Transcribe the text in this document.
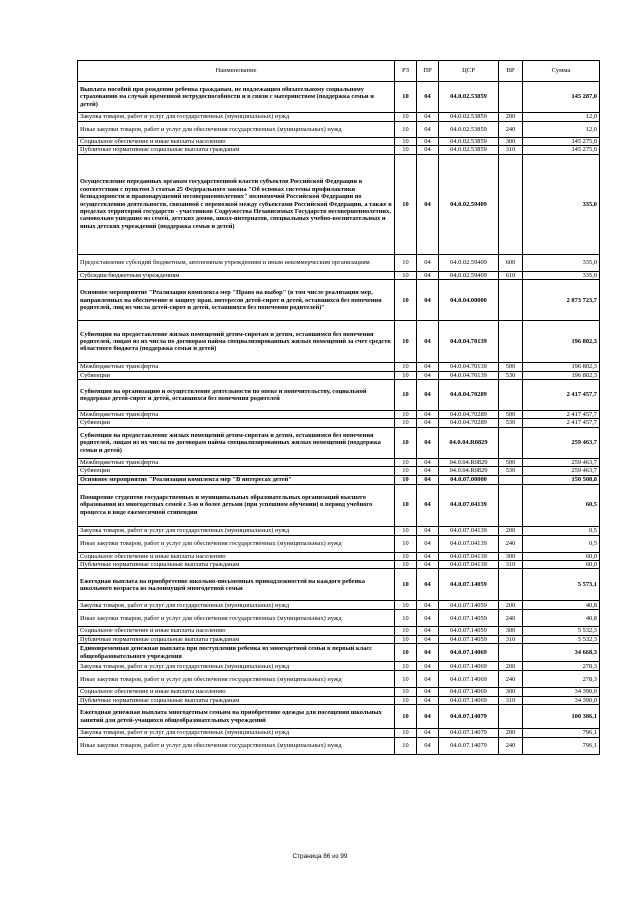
Наименование	РЗ	ПР	ЦСР	ВР	Сумма
Выплата пособий при рождении ребенка гражданам, не подлежащим обязательному социальному страхованию на случай временной нетрудоспособности и в связи с материнством (поддержка семьи и детей)	10	04	04.0.02.53859		145 287,0
Закупка товаров, работ и услуг для государственных (муниципальных) нужд	10	04	04.0.02.53859	200	12,0
Иные закупки товаров, работ и услуг для обеспечения государственных (муниципальных) нужд	10	04	04.0.02.53859	240	12,0
Социальное обеспечение и иные выплаты населению	10	04	04.0.02.53859	300	145 275,0
Публичные нормативные социальные выплаты гражданам	10	04	04.0.02.53859	310	145 275,0
Осуществление переданных органам государственной власти субъектов Российской Федерации в соответствии с пунктом 3 статьи 25 Федерального закона "Об основах системы профилактики безнадзорности и правонарушений несовершеннолетних" полномочий Российской Федерации по осуществлению деятельности, связанной с перевозкой между субъектами Российской Федерации, а также в пределах территорий государств - участников Содружества Независимых Государств несовершеннолетних, самовольно ушедших из семей, детских домов, школ-интернатов, специальных учебно-воспитательных и иных детских учреждений (поддержка семьи и детей)	10	04	04.0.02.59409		335,0
Предоставление субсидий бюджетным, автономным учреждениям и иным некоммерческим организациям	10	04	04.0.02.59409	600	335,0
Субсидии бюджетным учреждениям	10	04	04.0.02.59409	610	335,0
Основное мероприятие "Реализация комплекса мер "Право на выбор" (в том числе реализация мер, направленных на обеспечение и защиту прав, интересов детей-сирот и детей, оставшихся без попечения родителей, лиц из числа детей-сирот и детей, оставшихся без попечения родителей)"	10	04	04.0.04.00000		2 873 723,7
Субвенции на предоставление жилых помещений детям-сиротам и детям, оставшимся без попечения родителей, лицам из их числа по договорам найма специализированных жилых помещений за счет средств областного бюджета (поддержка семьи и детей)	10	04	04.0.04.70139		196 802,3
Межбюджетные трансферты	10	04	04.0.04.70139	500	196 802,3
Субвенции	10	04	04.0.04.70139	530	196 802,3
Субвенции на организацию и осуществление деятельности по опеке и попечительству, социальной поддержке детей-сирот и детей, оставшихся без попечения родителей	10	04	04.0.04.70289		2 417 457,7
Межбюджетные трансферты	10	04	04.0.04.70289	500	2 417 457,7
Субвенции	10	04	04.0.04.70289	530	2 417 457,7
Субвенции на предоставление жилых помещений детям-сиротам и детям, оставшимся без попечения родителей, лицам из их числа по договорам найма специализированных жилых помещений (поддержка семьи и детей)	10	04	04.0.04.R0829		259 463,7
Межбюджетные трансферты	10	04	04.0.04.R0829	500	259 463,7
Субвенции	10	04	04.0.04.R0829	530	259 463,7
Основное мероприятие "Реализация комплекса мер "В интересах детей"	10	04	04.0.07.00000		150 508,8
Поощрение студентов государственных и муниципальных образовательных организаций высшего образования из многодетных семей с 3-ю и более детьми (при успешном обучении) в период учебного процесса в виде ежемесячной стипендии	10	04	04.0.07.04139		60,5
Закупка товаров, работ и услуг для государственных (муниципальных) нужд	10	04	04.0.07.04139	200	0,5
Иные закупки товаров, работ и услуг для обеспечения государственных (муниципальных) нужд	10	04	04.0.07.04139	240	0,5
Социальное обеспечение и иные выплаты населению	10	04	04.0.07.04139	300	60,0
Публичные нормативные социальные выплаты гражданам	10	04	04.0.07.04139	310	60,0
Ежегодная выплата на приобретение школьно-письменных принадлежностей на каждого ребенка школьного возраста из малоимущей многодетной семьи	10	04	04.0.07.14059		5 573,1
Закупка товаров, работ и услуг для государственных (муниципальных) нужд	10	04	04.0.07.14059	200	40,8
Иные закупки товаров, работ и услуг для обеспечения государственных (муниципальных) нужд	10	04	04.0.07.14059	240	40,8
Социальное обеспечение и иные выплаты населению	10	04	04.0.07.14059	300	5 532,3
Публичные нормативные социальные выплаты гражданам	10	04	04.0.07.14059	310	5 532,3
Единовременная денежная выплата при поступлении ребенка из многодетной семьи в первый класс общеобразовательного учреждения	10	04	04.0.07.14069		34 668,3
Закупка товаров, работ и услуг для государственных (муниципальных) нужд	10	04	04.0.07.14069	200	278,3
Иные закупки товаров, работ и услуг для обеспечения государственных (муниципальных) нужд	10	04	04.0.07.14069	240	278,3
Социальное обеспечение и иные выплаты населению	10	04	04.0.07.14069	300	34 390,0
Публичные нормативные социальные выплаты гражданам	10	04	04.0.07.14069	310	34 390,0
Ежегодная денежная выплата многодетным семьям на приобретение одежды для посещения школьных занятий для детей-учащихся общеобразовательных учреждений	10	04	04.0.07.14079		100 386,1
Закупка товаров, работ и услуг для государственных (муниципальных) нужд	10	04	04.0.07.14079	200	796,1
Иные закупки товаров, работ и услуг для обеспечения государственных (муниципальных) нужд	10	04	04.0.07.14079	240	796,1
Страница 86 из 99
